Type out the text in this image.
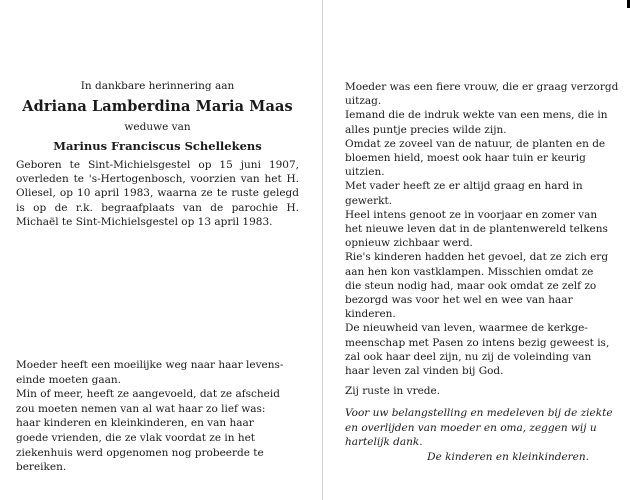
In dankbare herinnering aan
Adriana Lamberdina Maria Maas
weduwe van
Marinus Franciscus Schellekens

Geboren te Sint-Michielsgestel op 15 juni 1907, overleden te 's-Hertogenbosch, voorzien van het H. Oliesel, op 10 april 1983, waarna ze te ruste gelegd is op de r.k. begraafplaats van de parochie H. Michaël te Sint-Michielsgestel op 13 april 1983.

Moeder heeft een moeilijke weg naar haar levens-
einde moeten gaan.
Min of meer, heeft ze aangevoeld, dat ze afscheid
zou moeten nemen van al wat haar zo lief was:
haar kinderen en kleinkinderen, en van haar
goede vrienden, die ze vlak voordat ze in het
ziekenhuis werd opgenomen nog probeerde te
bereiken.

Moeder was een fiere vrouw, die er graag verzorgd
uitzag.
Iemand die de indruk wekte van een mens, die in
alles puntje precies wilde zijn.
Omdat ze zoveel van de natuur, de planten en de
bloemen hield, moest ook haar tuin er keurig
uitzien.
Met vader heeft ze er altijd graag en hard in
gewerkt.
Heel intens genoot ze in voorjaar en zomer van
het nieuwe leven dat in de plantenwereld telkens
opnieuw zichbaar werd.
Rie's kinderen hadden het gevoel, dat ze zich erg
aan hen kon vastklampen. Misschien omdat ze
die steun nodig had, maar ook omdat ze zelf zo
bezorgd was voor het wel en wee van haar
kinderen.
De nieuwheid van leven, waarmee de kerkge-
meenschap met Pasen zo intens bezig geweest is,
zal ook haar deel zijn, nu zij de voleinding van
haar leven zal vinden bij God.
Zij ruste in vrede.

Voor uw belangstelling en medeleven bij de ziekte
en overlijden van moeder en oma, zeggen wij u
hartelijk dank.

De kinderen en kleinkinderen.
